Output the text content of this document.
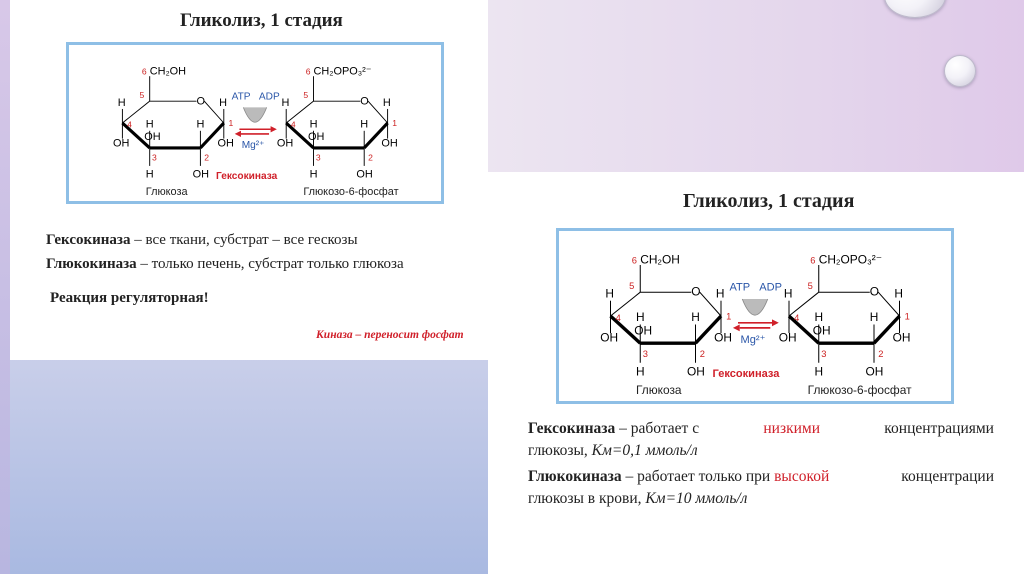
Гликолиз, 1 стадия
CH₂OH
O
H
OH
H
OH
H
H
OH
H
OH
6
5
4
3	2
1
ATP ADP
Mg²⁺
CH₂OPO₃²⁻
O
H
OH
H
OH
H
H
OH
H
OH
6
5
4
3	2
1
Глюкоза
Гексокиназа
Глюкозо-6-фосфат
Гексокиназа – все ткани, субстрат – все гескозы
Глюкокиназа – только печень, субстрат только глюкоза
Реакция регуляторная!
Киназа – переносит фосфат
Гликолиз, 1 стадия
CH₂OH
O
H
OH
H
OH
H
H
OH
H
OH
6
5
4
3	2
1
ATP ADP
Mg²⁺
CH₂OPO₃²⁻
O
H
OH
H
OH
H
H
OH
H
OH
6
5
4
3	2
1
Глюкоза
Гексокиназа
Глюкозо-6-фосфат
Гексокиназа – работает с	низкими	концентрациями
глюкозы, Км=0,1 ммоль/л
Глюкокиназа – работает только при высокой	концентрации
глюкозы в крови, Км=10 ммоль/л
